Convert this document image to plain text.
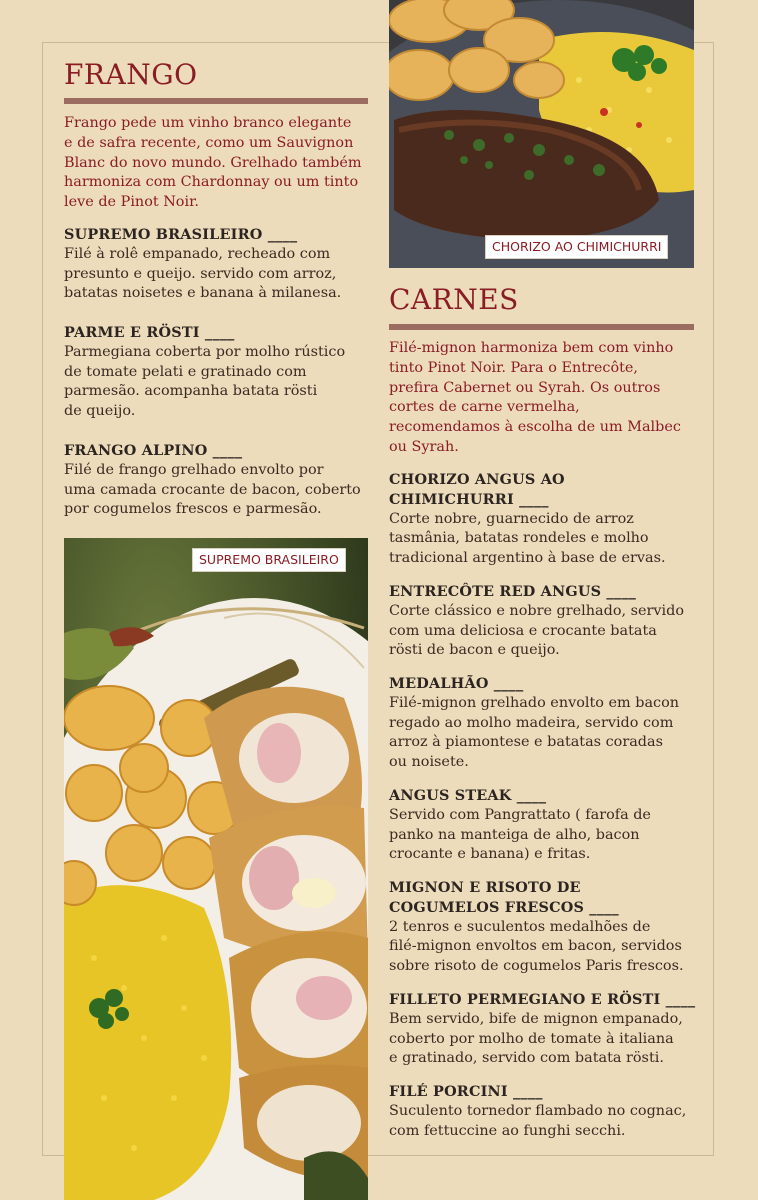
FRANGO

Frango pede um vinho branco elegante
e de safra recente, como um Sauvignon
Blanc do novo mundo. Grelhado também
harmoniza com Chardonnay ou um tinto
leve de Pinot Noir.

SUPREMO BRASILEIRO ____

Filé à rolê empanado, recheado com
presunto e queijo. servido com arroz,
batatas noisetes e banana à milanesa.

PARME E RÖSTI ____

Parmegiana coberta por molho rústico
de tomate pelati e gratinado com
parmesão. acompanha batata rösti
de queijo.

FRANGO ALPINO ____

Filé de frango grelhado envolto por
uma camada crocante de bacon, coberto
por cogumelos frescos e parmesão.

SUPREMO BRASILEIRO
CHORIZO AO CHIMICHURRI
CARNES

Filé-mignon harmoniza bem com vinho
tinto Pinot Noir. Para o Entrecôte,
prefira Cabernet ou Syrah. Os outros
cortes de carne vermelha,
recomendamos à escolha de um Malbec
ou Syrah.

CHORIZO ANGUS AO
CHIMICHURRI ____

Corte nobre, guarnecido de arroz
tasmânia, batatas rondeles e molho
tradicional argentino à base de ervas.

ENTRECÔTE RED ANGUS ____

Corte clássico e nobre grelhado, servido
com uma deliciosa e crocante batata
rösti de bacon e queijo.

MEDALHÃO ____

Filé-mignon grelhado envolto em bacon
regado ao molho madeira, servido com
arroz à piamontese e batatas coradas
ou noisete.

ANGUS STEAK ____

Servido com Pangrattato ( farofa de
panko na manteiga de alho, bacon
crocante e banana) e fritas.

MIGNON E RISOTO DE
COGUMELOS FRESCOS ____

2 tenros e suculentos medalhões de
filé-mignon envoltos em bacon, servidos
sobre risoto de cogumelos Paris frescos.

FILLETO PERMEGIANO E RÖSTI ____

Bem servido, bife de mignon empanado,
coberto por molho de tomate à italiana
e gratinado, servido com batata rösti.

FILÉ PORCINI ____

Suculento tornedor flambado no cognac,
com fettuccine ao funghi secchi.
